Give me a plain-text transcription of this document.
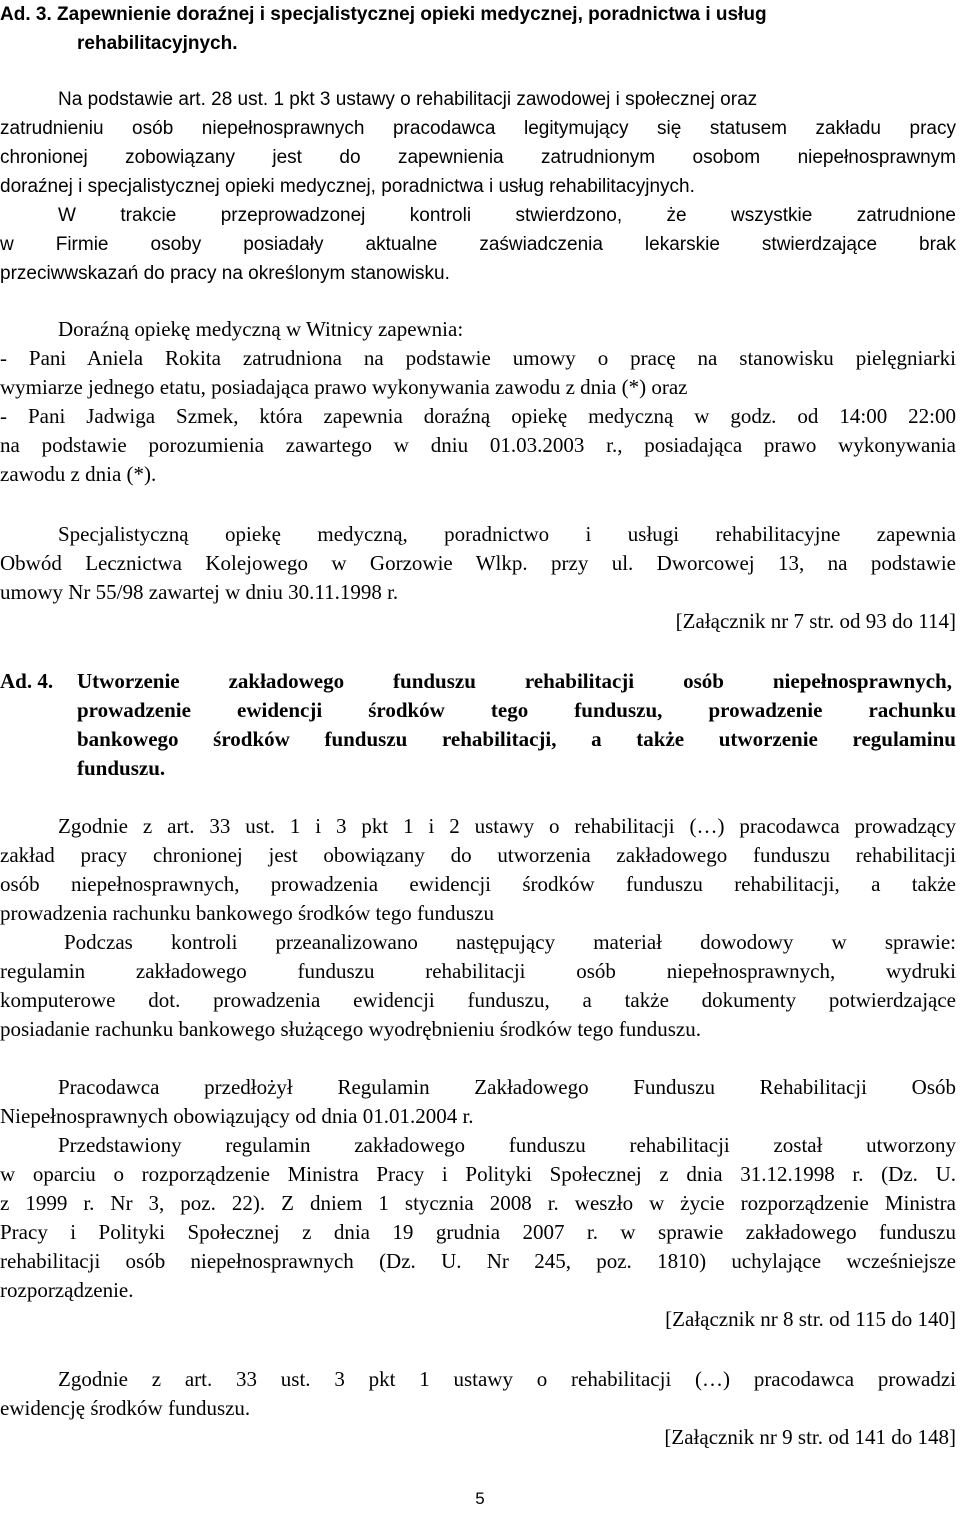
Ad. 3. Zapewnienie doraźnej i specjalistycznej opieki medycznej, poradnictwa i usług

rehabilitacyjnych.

Na podstawie art. 28 ust. 1 pkt 3 ustawy o rehabilitacji zawodowej i społecznej oraz

zatrudnieniu osób niepełnosprawnych pracodawca legitymujący się statusem zakładu pracy

chronionej zobowiązany jest do zapewnienia zatrudnionym osobom niepełnosprawnym

doraźnej i specjalistycznej opieki medycznej, poradnictwa i usług rehabilitacyjnych.

W trakcie przeprowadzonej kontroli stwierdzono, że wszystkie zatrudnione

w Firmie osoby posiadały aktualne zaświadczenia lekarskie stwierdzające brak

przeciwwskazań do pracy na określonym stanowisku.

Doraźną opiekę medyczną w Witnicy zapewnia:

- Pani Aniela Rokita zatrudniona na podstawie umowy o pracę na stanowisku pielęgniarki

wymiarze jednego etatu, posiadająca prawo wykonywania zawodu z dnia (*) oraz

- Pani Jadwiga Szmek, która zapewnia doraźną opiekę medyczną w godz. od 14:00 22:00

na podstawie porozumienia zawartego w dniu 01.03.2003 r., posiadająca prawo wykonywania

zawodu z dnia (*).

Specjalistyczną opiekę medyczną, poradnictwo i usługi rehabilitacyjne zapewnia

Obwód Lecznictwa Kolejowego w Gorzowie Wlkp. przy ul. Dworcowej 13, na podstawie

umowy Nr 55/98 zawartej w dniu 30.11.1998 r.

[Załącznik nr 7 str. od 93 do 114]

Ad. 4. Utworzenie zakładowego funduszu rehabilitacji osób niepełnosprawnych,

prowadzenie ewidencji środków tego funduszu, prowadzenie rachunku

bankowego środków funduszu rehabilitacji, a także utworzenie regulaminu

funduszu.

Zgodnie z art. 33 ust. 1 i 3 pkt 1 i 2 ustawy o rehabilitacji (…) pracodawca prowadzący

zakład pracy chronionej jest obowiązany do utworzenia zakładowego funduszu rehabilitacji

osób niepełnosprawnych, prowadzenia ewidencji środków funduszu rehabilitacji, a także

prowadzenia rachunku bankowego środków tego funduszu

Podczas kontroli przeanalizowano następujący materiał dowodowy w sprawie:

regulamin zakładowego funduszu rehabilitacji osób niepełnosprawnych, wydruki

komputerowe dot. prowadzenia ewidencji funduszu, a także dokumenty potwierdzające

posiadanie rachunku bankowego służącego wyodrębnieniu środków tego funduszu.

Pracodawca przedłożył Regulamin Zakładowego Funduszu Rehabilitacji Osób

Niepełnosprawnych obowiązujący od dnia 01.01.2004 r.

Przedstawiony regulamin zakładowego funduszu rehabilitacji został utworzony

w oparciu o rozporządzenie Ministra Pracy i Polityki Społecznej z dnia 31.12.1998 r. (Dz. U.

z 1999 r. Nr 3, poz. 22). Z dniem 1 stycznia 2008 r. weszło w życie rozporządzenie Ministra

Pracy i Polityki Społecznej z dnia 19 grudnia 2007 r. w sprawie zakładowego funduszu

rehabilitacji osób niepełnosprawnych (Dz. U. Nr 245, poz. 1810) uchylające wcześniejsze

rozporządzenie.

[Załącznik nr 8 str. od 115 do 140]

Zgodnie z art. 33 ust. 3 pkt 1 ustawy o rehabilitacji (…) pracodawca prowadzi

ewidencję środków funduszu.

[Załącznik nr 9 str. od 141 do 148]

5
